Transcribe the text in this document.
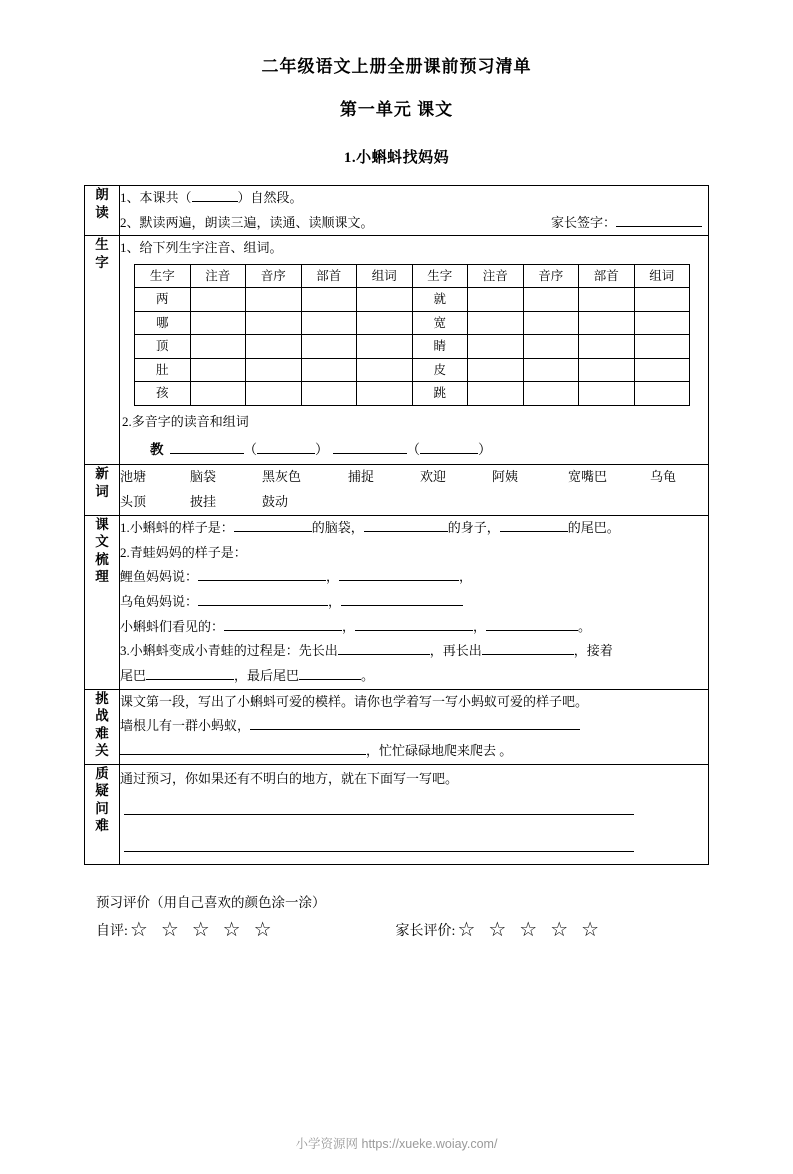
二年级语文上册全册课前预习清单
第一单元 课文
1.小蝌蚪找妈妈
朗读	
1、本课共（	）自然段。
2、默读两遍，朗读三遍，读通、读顺课文。	家长签字：

生字	
1、给下列生字注音、组词。
生字	注音	音序	部首	组词	生字	注音	音序	部首	组词
两					就				
哪					宽				
顶					睛				
肚					皮				
孩					跳				
2.多音字的读音和组词
教	（	）	（	）

新词	
池塘	脑袋	黑灰色	捕捉	欢迎	阿姨	宽嘴巴	乌龟
头顶	披挂	鼓动

课文梳理	
1.小蝌蚪的样子是：	的脑袋，	的身子，	的尾巴。
2.青蛙妈妈的样子是：
鲤鱼妈妈说：	，	，
乌龟妈妈说：	，
小蝌蚪们看见的：	，	，	。
3.小蝌蚪变成小青蛙的过程是：先长出	，再长出	，接着
尾巴	，最后尾巴	。

挑战难关	
课文第一段，写出了小蝌蚪可爱的模样。请你也学着写一写小蚂蚁可爱的样子吧。
墙根儿有一群小蚂蚁，
，忙忙碌碌地爬来爬去 。

质疑问难	
通过预习，你如果还有不明白的地方，就在下面写一写吧。
预习评价（用自己喜欢的颜色涂一涂）
自评: ☆ ☆ ☆ ☆ ☆	家长评价: ☆ ☆ ☆ ☆ ☆
小学资源网 https://xueke.woiay.com/
